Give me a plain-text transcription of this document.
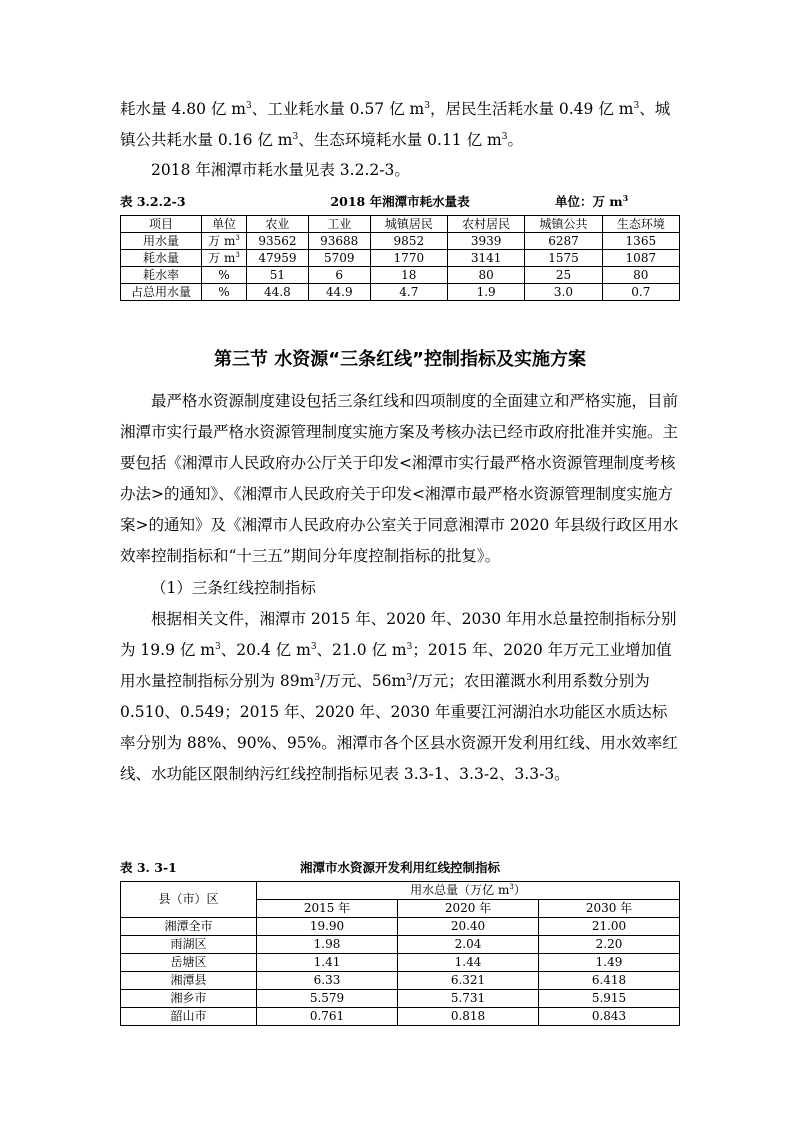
耗水量 4.80 亿 $m^3$、工业耗水量 0.57 亿 $m^3$，居民生活耗水量 0.49 亿 $m^3$、城镇公共耗水量 0.16 亿 $m^3$、生态环境耗水量 0.11 亿 $m^3$。
2018 年湘潭市耗水量见表 3.2.2-3。
表 3.2.2-3	2018 年湘潭市耗水量表	单位：万 $m^3$
项目	单位	农业	工业	城镇居民	农村居民	城镇公共	生态环境
用水量	万 $m^3$	93562	93688	9852	3939	6287	1365
耗水量	万 $m^3$	47959	5709	1770	3141	1575	1087
耗水率	%	51	6	18	80	25	80
占总用水量	%	44.8	44.9	4.7	1.9	3.0	0.7
第三节 水资源“三条红线”控制指标及实施方案
最严格水资源制度建设包括三条红线和四项制度的全面建立和严格实施，目前湘潭市实行最严格水资源管理制度实施方案及考核办法已经市政府批准并实施。主要包括《湘潭市人民政府办公厅关于印发<湘潭市实行最严格水资源管理制度考核办法>的通知》、《湘潭市人民政府关于印发<湘潭市最严格水资源管理制度实施方案>的通知》及《湘潭市人民政府办公室关于同意湘潭市 2020 年县级行政区用水效率控制指标和“十三五”期间分年度控制指标的批复》。
（1）三条红线控制指标
根据相关文件，湘潭市 2015 年、2020 年、2030 年用水总量控制指标分别为 19.9 亿 $m^3$、20.4 亿 $m^3$、21.0 亿 $m^3$；2015 年、2020 年万元工业增加值用水量控制指标分别为 $89m^3/$万元、$56m^3/$万元；农田灌溉水利用系数分别为 0.510、0.549；2015 年、2020 年、2030 年重要江河湖泊水功能区水质达标率分别为 88%、90%、95%。湘潭市各个区县水资源开发利用红线、用水效率红线、水功能区限制纳污红线控制指标见表 3.3-1、3.3-2、3.3-3。
表 3. 3-1	湘潭市水资源开发利用红线控制指标
县（市）区	用水总量（万亿 $m^3$）		
	2015 年	2020 年	2030 年
湘潭全市	19.90	20.40	21.00
雨湖区	1.98	2.04	2.20
岳塘区	1.41	1.44	1.49
湘潭县	6.33	6.321	6.418
湘乡市	5.579	5.731	5.915
韶山市	0.761	0.818	0.843
